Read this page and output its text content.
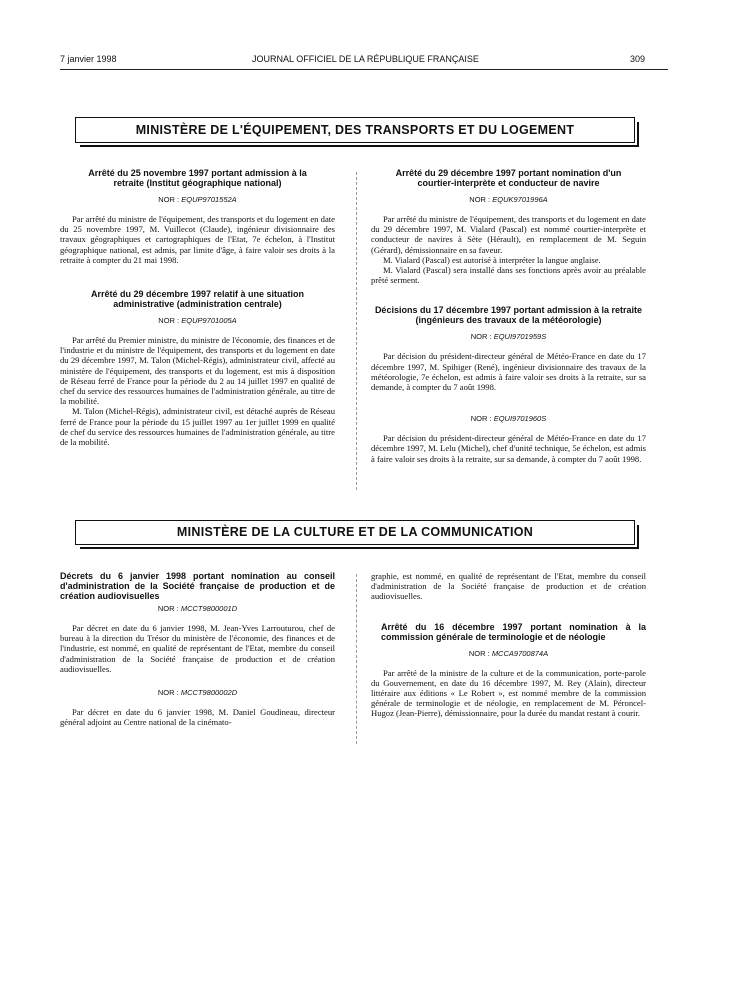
7 janvier 1998	JOURNAL OFFICIEL DE LA RÉPUBLIQUE FRANÇAISE	309
MINISTÈRE DE L'ÉQUIPEMENT, DES TRANSPORTS ET DU LOGEMENT

Arrêté du 25 novembre 1997 portant admission à la retraite (Institut géographique national)

NOR : EQUP9701552A

Par arrêté du ministre de l'équipement, des transports et du logement en date du 25 novembre 1997, M. Vuillecot (Claude), ingénieur divisionnaire des travaux géographiques et cartographiques de l'Etat, 7e échelon, à l'Institut géographique national, est admis, par limite d'âge, à faire valoir ses droits à la retraite à compter du 21 mai 1998.

Arrêté du 29 décembre 1997 relatif à une situation administrative (administration centrale)

NOR : EQUP9701005A

Par arrêté du Premier ministre, du ministre de l'économie, des finances et de l'industrie et du ministre de l'équipement, des transports et du logement en date du 29 décembre 1997, M. Talon (Michel-Régis), administrateur civil, affecté au ministère de l'équipement, des transports et du logement, est mis à disposition de Réseau ferré de France pour la période du 2 au 14 juillet 1997 en qualité de chef du service des ressources humaines de l'administration générale, au titre de la mobilité.

M. Talon (Michel-Régis), administrateur civil, est détaché auprès de Réseau ferré de France pour la période du 15 juillet 1997 au 1er juillet 1999 en qualité de chef du service des ressources humaines de l'administration générale, au titre de la mobilité.

Arrêté du 29 décembre 1997 portant nomination d'un courtier-interprète et conducteur de navire

NOR : EQUK9701996A

Par arrêté du ministre de l'équipement, des transports et du logement en date du 29 décembre 1997, M. Vialard (Pascal) est nommé courtier-interprète et conducteur de navires à Sète (Hérault), en remplacement de M. Seguin (Gérard), démissionnaire en sa faveur.

M. Vialard (Pascal) est autorisé à interpréter la langue anglaise.

M. Vialard (Pascal) sera installé dans ses fonctions après avoir au préalable prêté serment.

Décisions du 17 décembre 1997 portant admission à la retraite (ingénieurs des travaux de la météorologie)

NOR : EQUI9701959S

Par décision du président-directeur général de Météo-France en date du 17 décembre 1997, M. Spihiger (René), ingénieur divisionnaire des travaux de la météorologie, 7e échelon, est admis à faire valoir ses droits à la retraite, sur sa demande, à compter du 7 août 1998.

NOR : EQUI9701960S

Par décision du président-directeur général de Météo-France en date du 17 décembre 1997, M. Lelu (Michel), chef d'unité technique, 5e échelon, est admis à faire valoir ses droits à la retraite, sur sa demande, à compter du 7 août 1998.

MINISTÈRE DE LA CULTURE ET DE LA COMMUNICATION

Décrets du 6 janvier 1998 portant nomination au conseil d'administration de la Société française de production et de création audiovisuelles

NOR : MCCT9800001D

Par décret en date du 6 janvier 1998, M. Jean-Yves Larrouturou, chef de bureau à la direction du Trésor du ministère de l'économie, des finances et de l'industrie, est nommé, en qualité de représentant de l'Etat, membre du conseil d'administration de la Société française de production et de création audiovisuelles.

NOR : MCCT9800002D

Par décret en date du 6 janvier 1998, M. Daniel Goudineau, directeur général adjoint au Centre national de la cinémato-

graphie, est nommé, en qualité de représentant de l'Etat, membre du conseil d'administration de la Société française de production et de création audiovisuelles.

Arrêté du 16 décembre 1997 portant nomination à la commission générale de terminologie et de néologie

NOR : MCCA9700874A

Par arrêté de la ministre de la culture et de la communication, porte-parole du Gouvernement, en date du 16 décembre 1997, M. Rey (Alain), directeur littéraire aux éditions « Le Robert », est nommé membre de la commission générale de terminologie et de néologie, en remplacement de M. Péroncel-Hugoz (Jean-Pierre), démissionnaire, pour la durée du mandat restant à courir.
